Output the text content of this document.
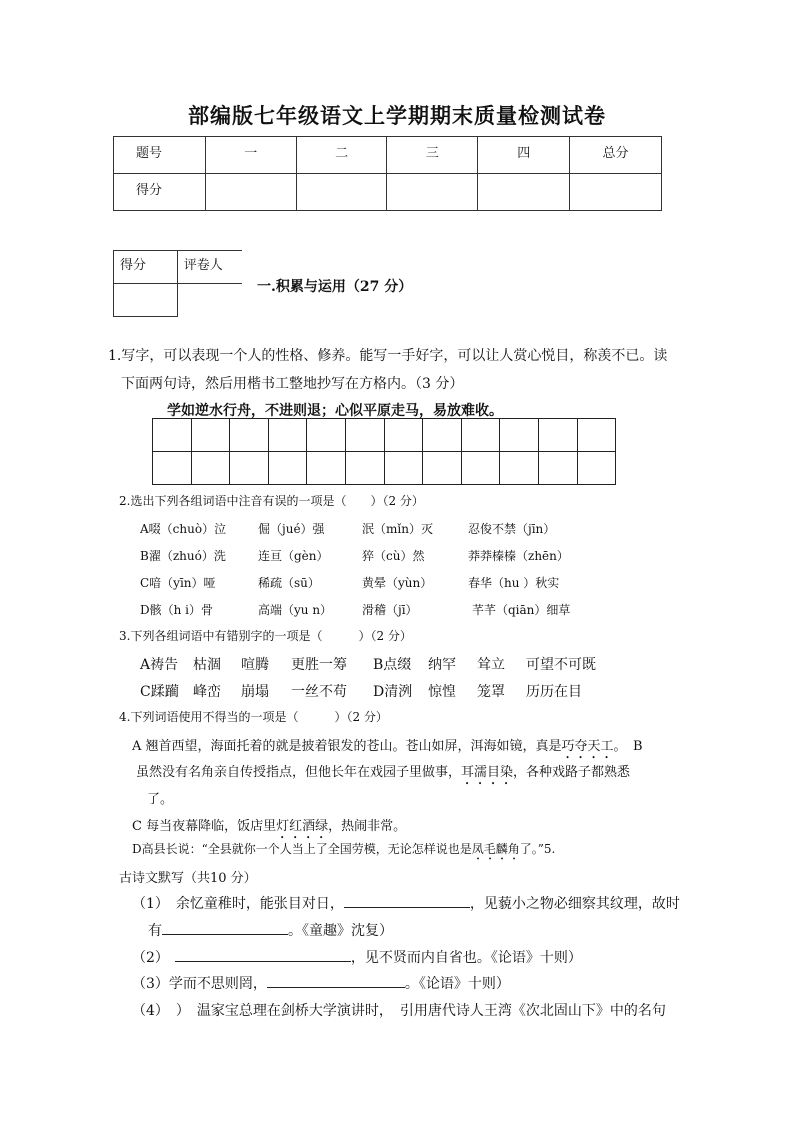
部编版七年级语文上学期期末质量检测试卷
题号	一	二	三	四	总分
得分					
得分	评卷人

一.积累与运用（27 分）
1.写字，可以表现一个人的性格、修养。能写一手好字，可以让人赏心悦目，称羡不已。读
下面两句诗，然后用楷书工整地抄写在方格内。（3 分）
学如逆水行舟，不进则退；心似平原走马，易放难收。

2.选出下列各组词语中注音有误的一项是（　　）（2 分）
A啜（chuò）泣	倔（jué）强	泯（mǐn）灭	忍俊不禁（jīn）
B濯（zhuó）洗	连亘（gèn）	猝（cù）然	莽莽榛榛（zhēn）
C喑（yīn）哑	稀疏（sū）	黄晕（yùn）	春华（hu ）秋实
D骸（h i）骨	高端（yu n） 滑稽（jī）	芊芊（qiān）细草
3.下列各组词语中有错别字的一项是（　　　）（2 分）
A祷告 枯涸 喧腾 更胜一筹 B点缀 纳罕 耸立 可望不可既
C蹂躏 峰峦 崩塌 一丝不苟 D清洌 惊惶 笼罩 历历在目
4.下列词语使用不得当的一项是（　　　）（2 分）
A 翘首西望，海面托着的就是披着银发的苍山。苍山如屏，洱海如镜，真是巧夺天工。　B
虽然没有名角亲自传授指点，但他长年在戏园子里做事，耳濡目染，各种戏路子都熟悉
了。
C 每当夜幕降临，饭店里灯红酒绿，热闹非常。
D高县长说：“全县就你一个人当上了全国劳模，无论怎样说也是凤毛麟角了。”5.
古诗文默写（共10 分）
（1）　余忆童稚时，能张目对日，	，见藐小之物必细察其纹理，故时
有	。《童趣》沈复）
（2）	，见不贤而内自省也。《论语》十则）
（3）学而不思则罔，	。《论语》十则）
（4）　）　温家宝总理在剑桥大学演讲时，　引用唐代诗人王湾《次北固山下》中的名句
